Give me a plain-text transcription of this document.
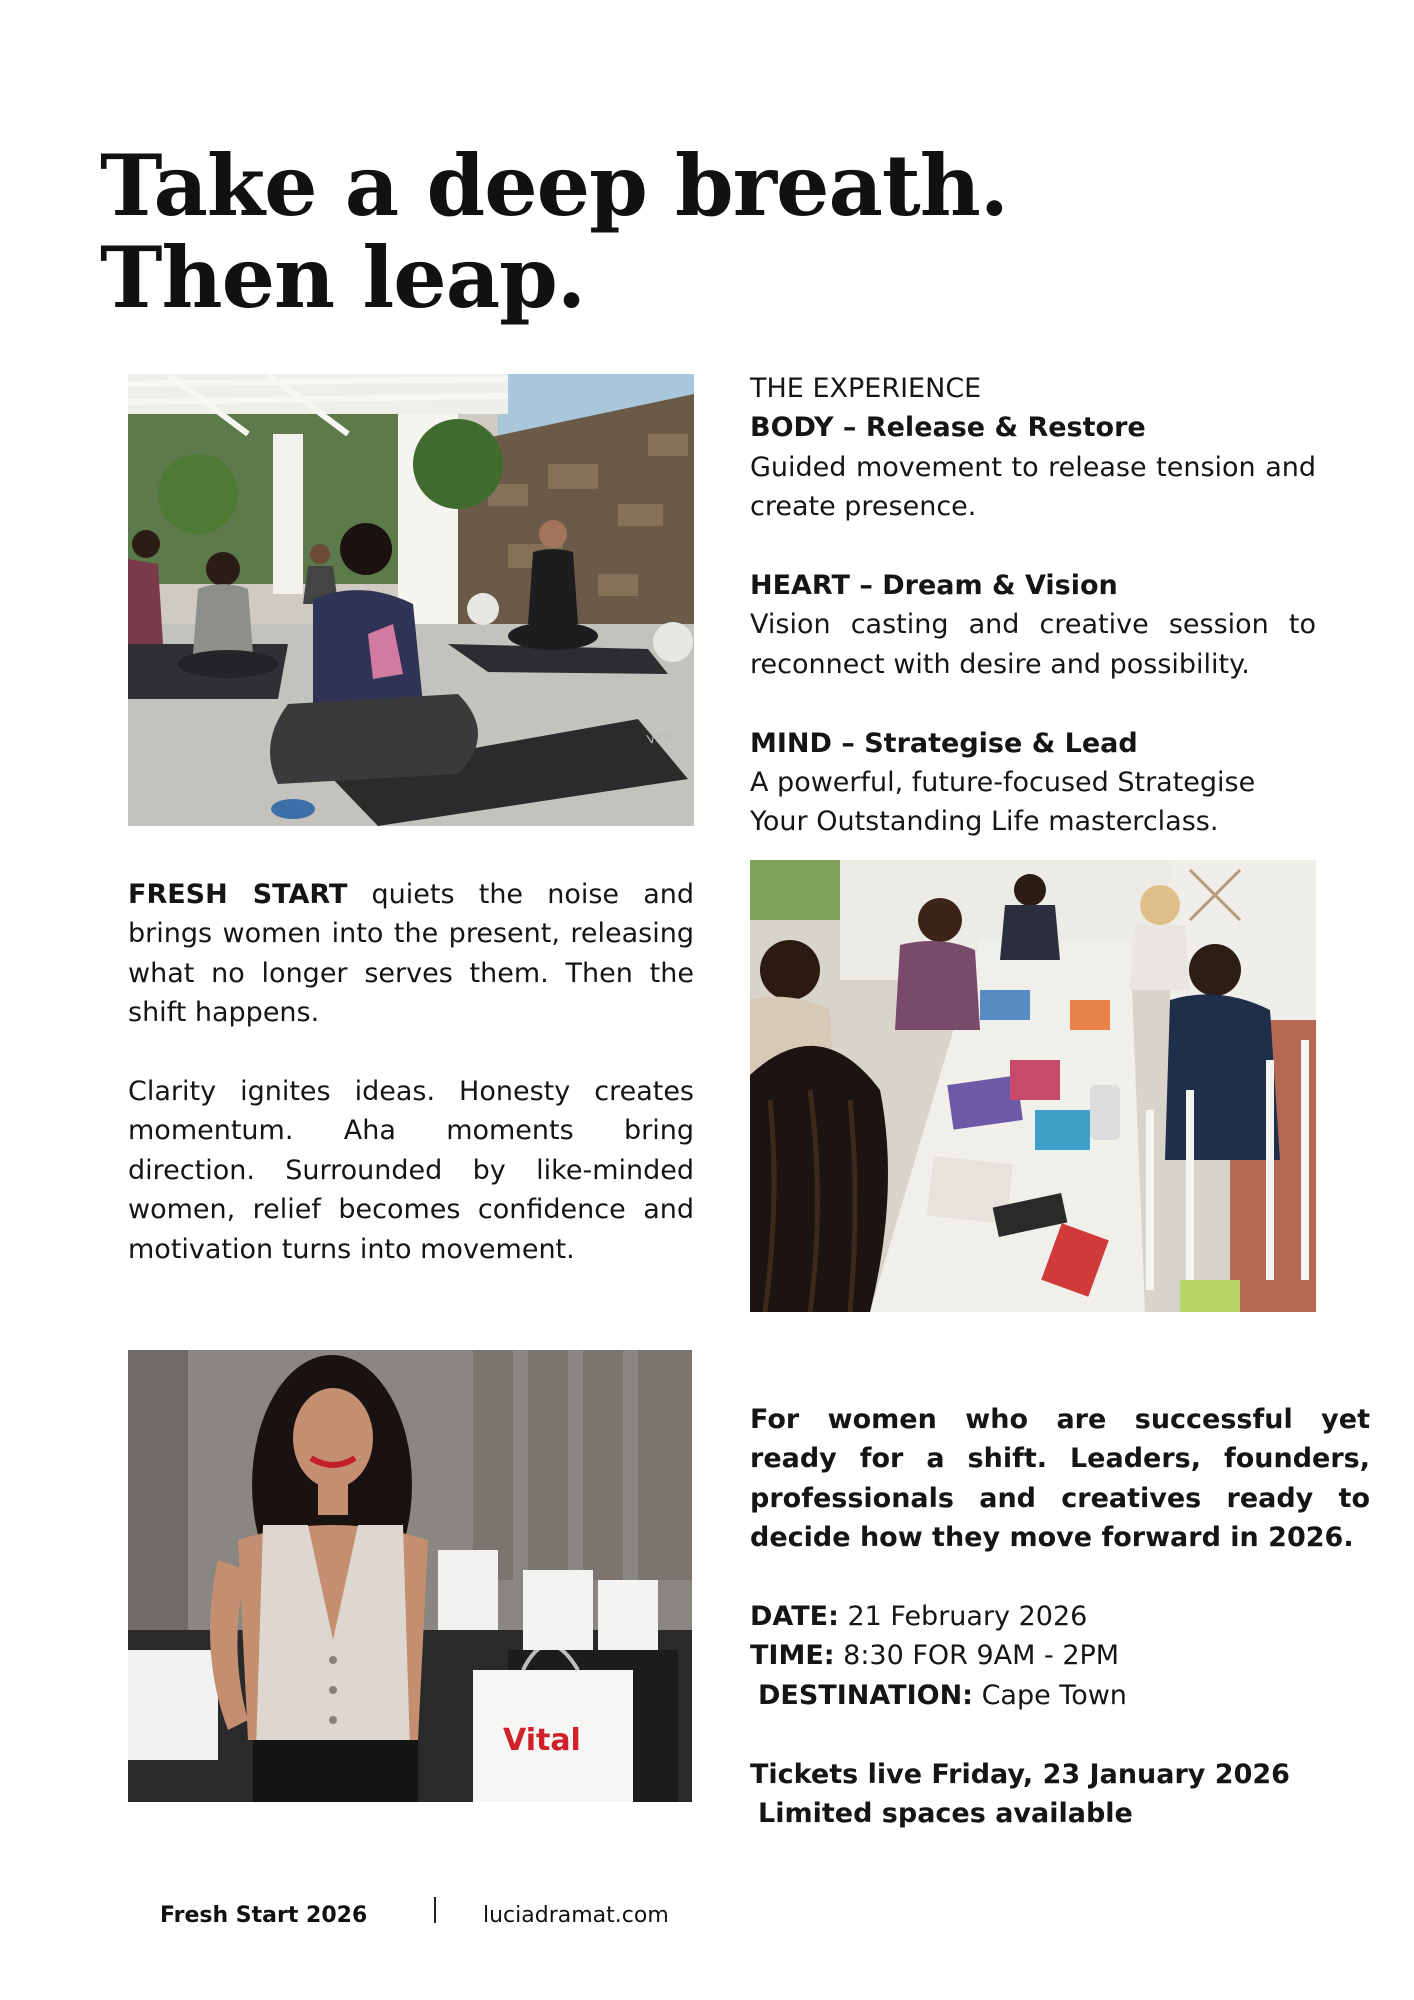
Take a deep breath.
Then leap.
Vital
THE EXPERIENCE
BODY – Release & Restore
Guided movement to release tension and create presence.
HEART – Dream & Vision
Vision casting and creative session to reconnect with desire and possibility.
MIND – Strategise & Lead
A powerful, future-focused Strategise Your Outstanding Life masterclass.
FRESH START quiets the noise and brings women into the present, releasing what no longer serves them. Then the shift happens.
Clarity ignites ideas. Honesty creates momentum. Aha moments bring direction. Surrounded by like-minded women, relief becomes confidence and motivation turns into movement.
Vital
For women who are successful yet ready for a shift. Leaders, founders, professionals and creatives ready to decide how they move forward in 2026.
DATE: 21 February 2026
TIME: 8:30 FOR 9AM - 2PM
DESTINATION: Cape Town
Tickets live Friday, 23 January 2026
Limited spaces available
Fresh Start 2026	luciadramat.com
